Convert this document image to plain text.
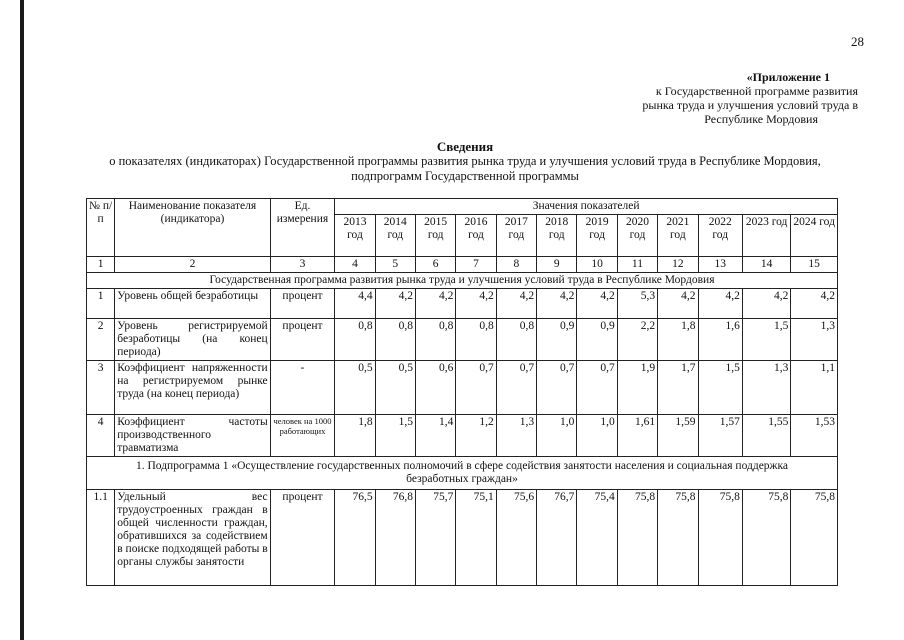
28
«Приложение 1
к Государственной программе развития
рынка труда и улучшения условий труда в
Республике Мордовия
Сведения
о показателях (индикаторах) Государственной программы развития рынка труда и улучшения условий труда в Республике Мордовия,
подпрограмм Государственной программы
№ п/п	Наименование показателя (индикатора)	Ед. измерения	Значения показателей											
			2013 год	2014 год	2015 год	2016 год	2017 год	2018 год	2019 год	2020 год	2021 год	2022 год	2023 год	2024 год
1	2	3	4	5	6	7	8	9	10	11	12	13	14	15
Государственная программа развития рынка труда и улучшения условий труда в Республике Мордовия														
1	Уровень общей безработицы	процент	4,4	4,2	4,2	4,2	4,2	4,2	4,2	5,3	4,2	4,2	4,2	4,2
2	Уровень регистрируемой безработицы (на конец периода)	процент	0,8	0,8	0,8	0,8	0,8	0,9	0,9	2,2	1,8	1,6	1,5	1,3
3	Коэффициент напряженности на регистрируемом рынке труда (на конец периода)	-	0,5	0,5	0,6	0,7	0,7	0,7	0,7	1,9	1,7	1,5	1,3	1,1
4	Коэффициент частоты производственного травматизма	человек на 1000 работающих	1,8	1,5	1,4	1,2	1,3	1,0	1,0	1,61	1,59	1,57	1,55	1,53
1. Подпрограмма 1 «Осуществление государственных полномочий в сфере содействия занятости населения и социальная поддержка безработных граждан»														
1.1	Удельный вес трудоустроенных граждан в общей численности граждан, обратившихся за содействием в поиске подходящей работы в органы службы занятости	процент	76,5	76,8	75,7	75,1	75,6	76,7	75,4	75,8	75,8	75,8	75,8	75,8
